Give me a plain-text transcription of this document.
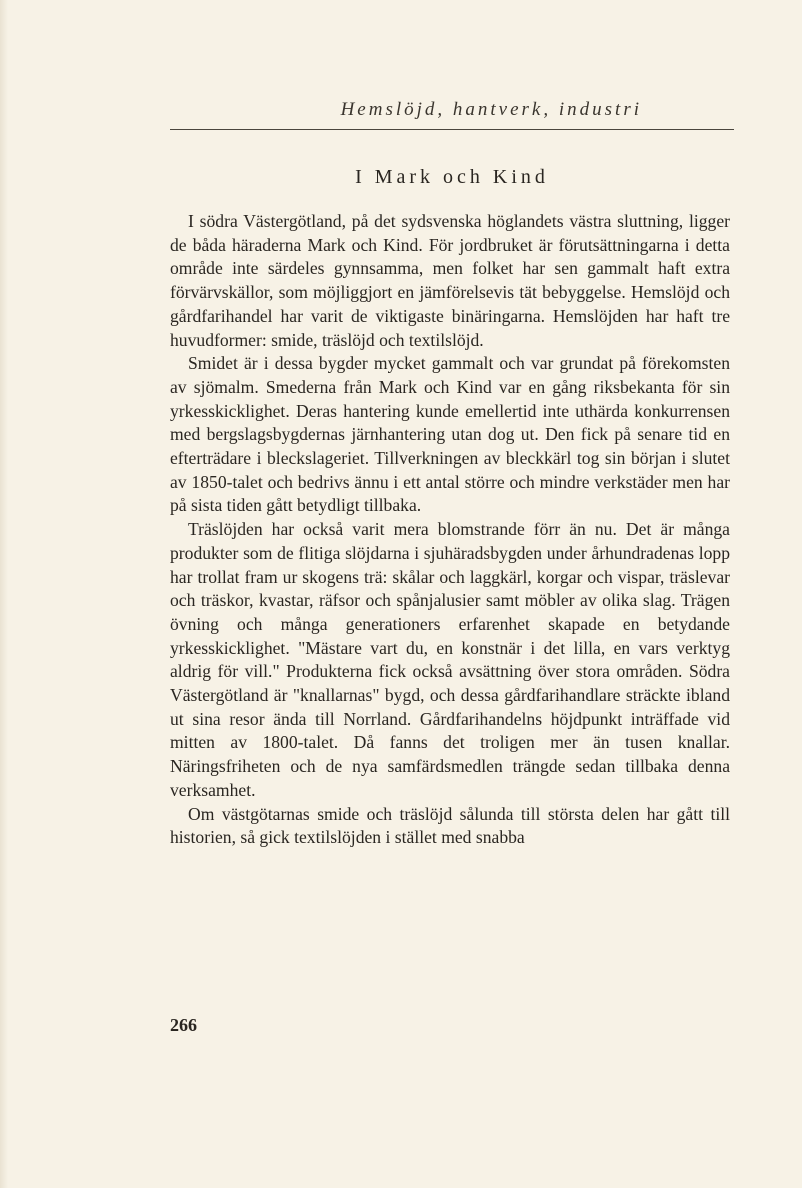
Hemslöjd, hantverk, industri
I Mark och Kind

I södra Västergötland, på det sydsvenska höglandets västra sluttning, ligger de båda häraderna Mark och Kind. För jordbruket är förutsättningarna i detta område inte särdeles gynnsamma, men folket har sen gammalt haft extra förvärvskällor, som möjliggjort en jämförelsevis tät bebyggelse. Hemslöjd och gårdfarihandel har varit de viktigaste binäringarna. Hemslöjden har haft tre huvudformer: smide, träslöjd och textilslöjd.

Smidet är i dessa bygder mycket gammalt och var grundat på förekomsten av sjömalm. Smederna från Mark och Kind var en gång riksbekanta för sin yrkesskicklighet. Deras hantering kunde emellertid inte uthärda konkurrensen med bergslagsbygdernas järnhantering utan dog ut. Den fick på senare tid en efterträdare i bleckslageriet. Tillverkningen av bleckkärl tog sin början i slutet av 1850-talet och bedrivs ännu i ett antal större och mindre verkstäder men har på sista tiden gått betydligt tillbaka.

Träslöjden har också varit mera blomstrande förr än nu. Det är många produkter som de flitiga slöjdarna i sjuhäradsbygden under århundradenas lopp har trollat fram ur skogens trä: skålar och laggkärl, korgar och vispar, träslevar och träskor, kvastar, räfsor och spånjalusier samt möbler av olika slag. Trägen övning och många generationers erfarenhet skapade en betydande yrkesskicklighet. "Mästare vart du, en konstnär i det lilla, en vars verktyg aldrig för vill." Produkterna fick också avsättning över stora områden. Södra Västergötland är "knallarnas" bygd, och dessa gårdfarihandlare sträckte ibland ut sina resor ända till Norrland. Gårdfarihandelns höjdpunkt inträffade vid mitten av 1800-talet. Då fanns det troligen mer än tusen knallar. Näringsfriheten och de nya samfärdsmedlen trängde sedan tillbaka denna verksamhet.

Om västgötarnas smide och träslöjd sålunda till största delen har gått till historien, så gick textilslöjden i stället med snabba

266
